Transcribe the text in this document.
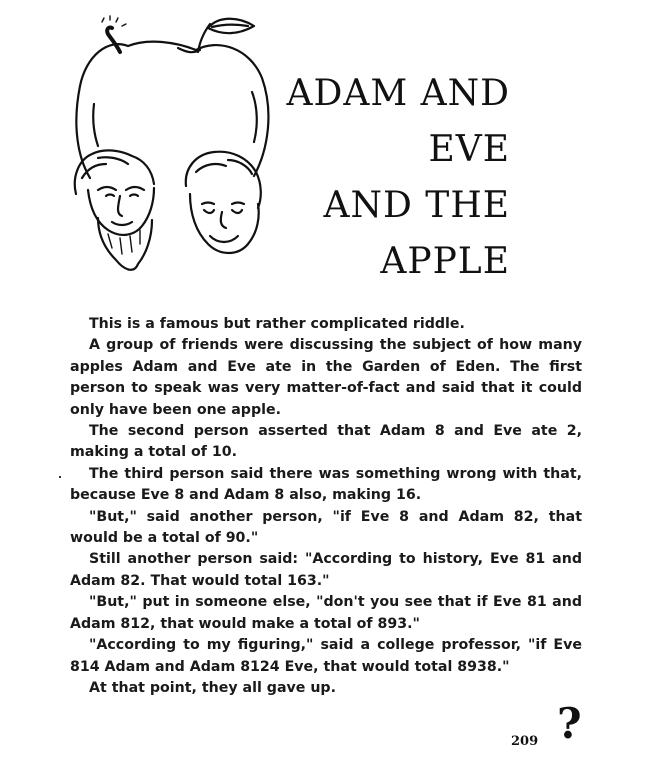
ADAM AND
EVE
AND THE
APPLE

This is a famous but rather complicated riddle.

A group of friends were discussing the subject of how many apples Adam and Eve ate in the Garden of Eden. The first person to speak was very matter-of-fact and said that it could only have been one apple.

The second person asserted that Adam 8 and Eve ate 2, making a total of 10.

The third person said there was something wrong with that, because Eve 8 and Adam 8 also, making 16.

"But," said another person, "if Eve 8 and Adam 82, that would be a total of 90."

Still another person said: "According to history, Eve 81 and Adam 82. That would total 163."

"But," put in someone else, "don't you see that if Eve 81 and Adam 812, that would make a total of 893."

"According to my figuring," said a college professor, "if Eve 814 Adam and Adam 8124 Eve, that would total 8938."

At that point, they all gave up.

209 ?
